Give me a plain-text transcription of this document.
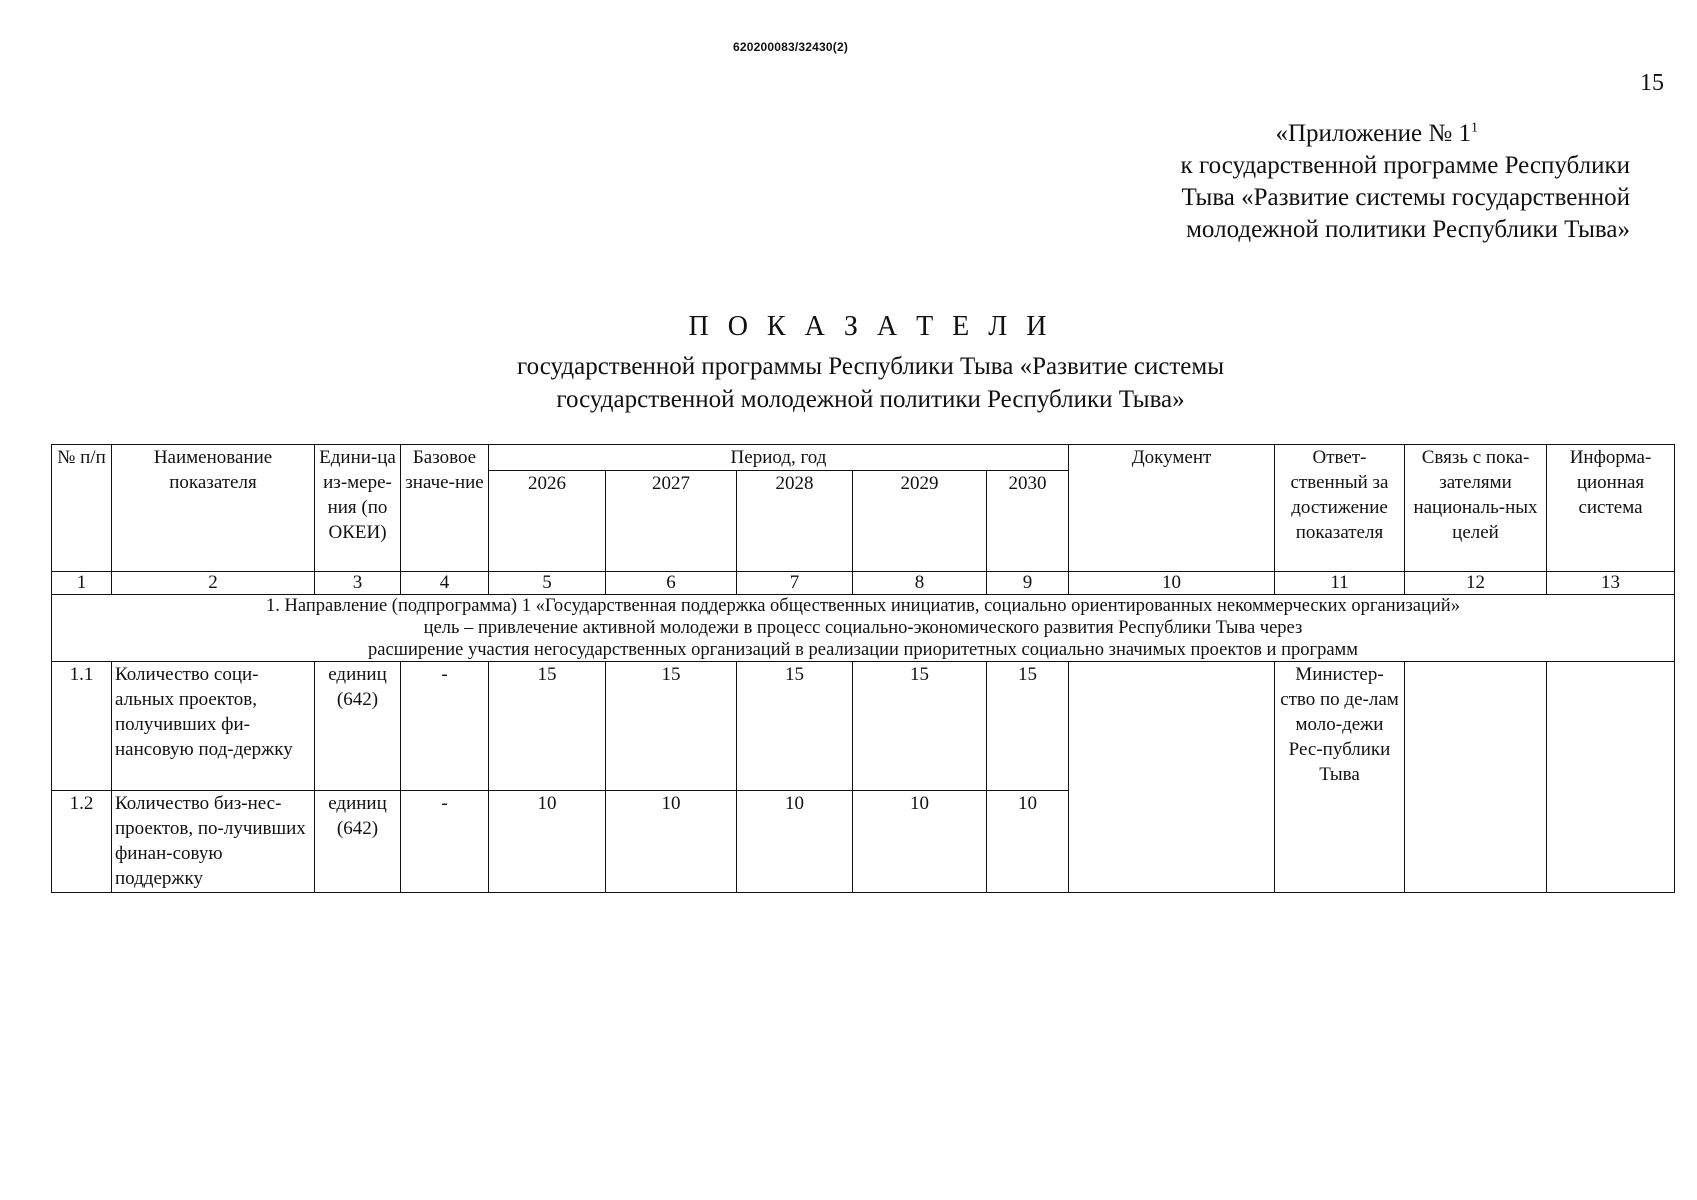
620200083/32430(2)
15
«Приложение № $1^1$
к государственной программе Республики
Тыва «Развитие системы государственной
молодежной политики Республики Тыва»
П О К А З А Т Е Л И
государственной программы Республики Тыва «Развитие системы
государственной молодежной политики Республики Тыва»
№ п/п	Наименование показателя	Едини-ца из-мере-ния (по ОКЕИ)	Базовое значе-ние	Период, год					Документ	Ответ-ственный за достижение показателя	Связь с пока-зателями националь-ных целей	Информа-ционная система
				2026	2027	2028	2029	2030				
1	2	3	4	5	6	7	8	9	10	11	12	13

1. Направление (подпрограмма) 1 «Государственная поддержка общественных инициатив, социально ориентированных некоммерческих организаций»
цель – привлечение активной молодежи в процесс социально-экономического развития Республики Тыва через
расширение участия негосударственных организаций в реализации приоритетных социально значимых проектов и программ												

1.1	Количество соци-альных проектов, получивших фи-нансовую под-держку	единиц (642)	-	15	15	15	15	15		Министер-ство по де-лам моло-дежи Рес-публики Тыва		
1.2	Количество биз-нес-проектов, по-лучивших финан-совую поддержку	единиц (642)	-	10	10	10	10	10				
